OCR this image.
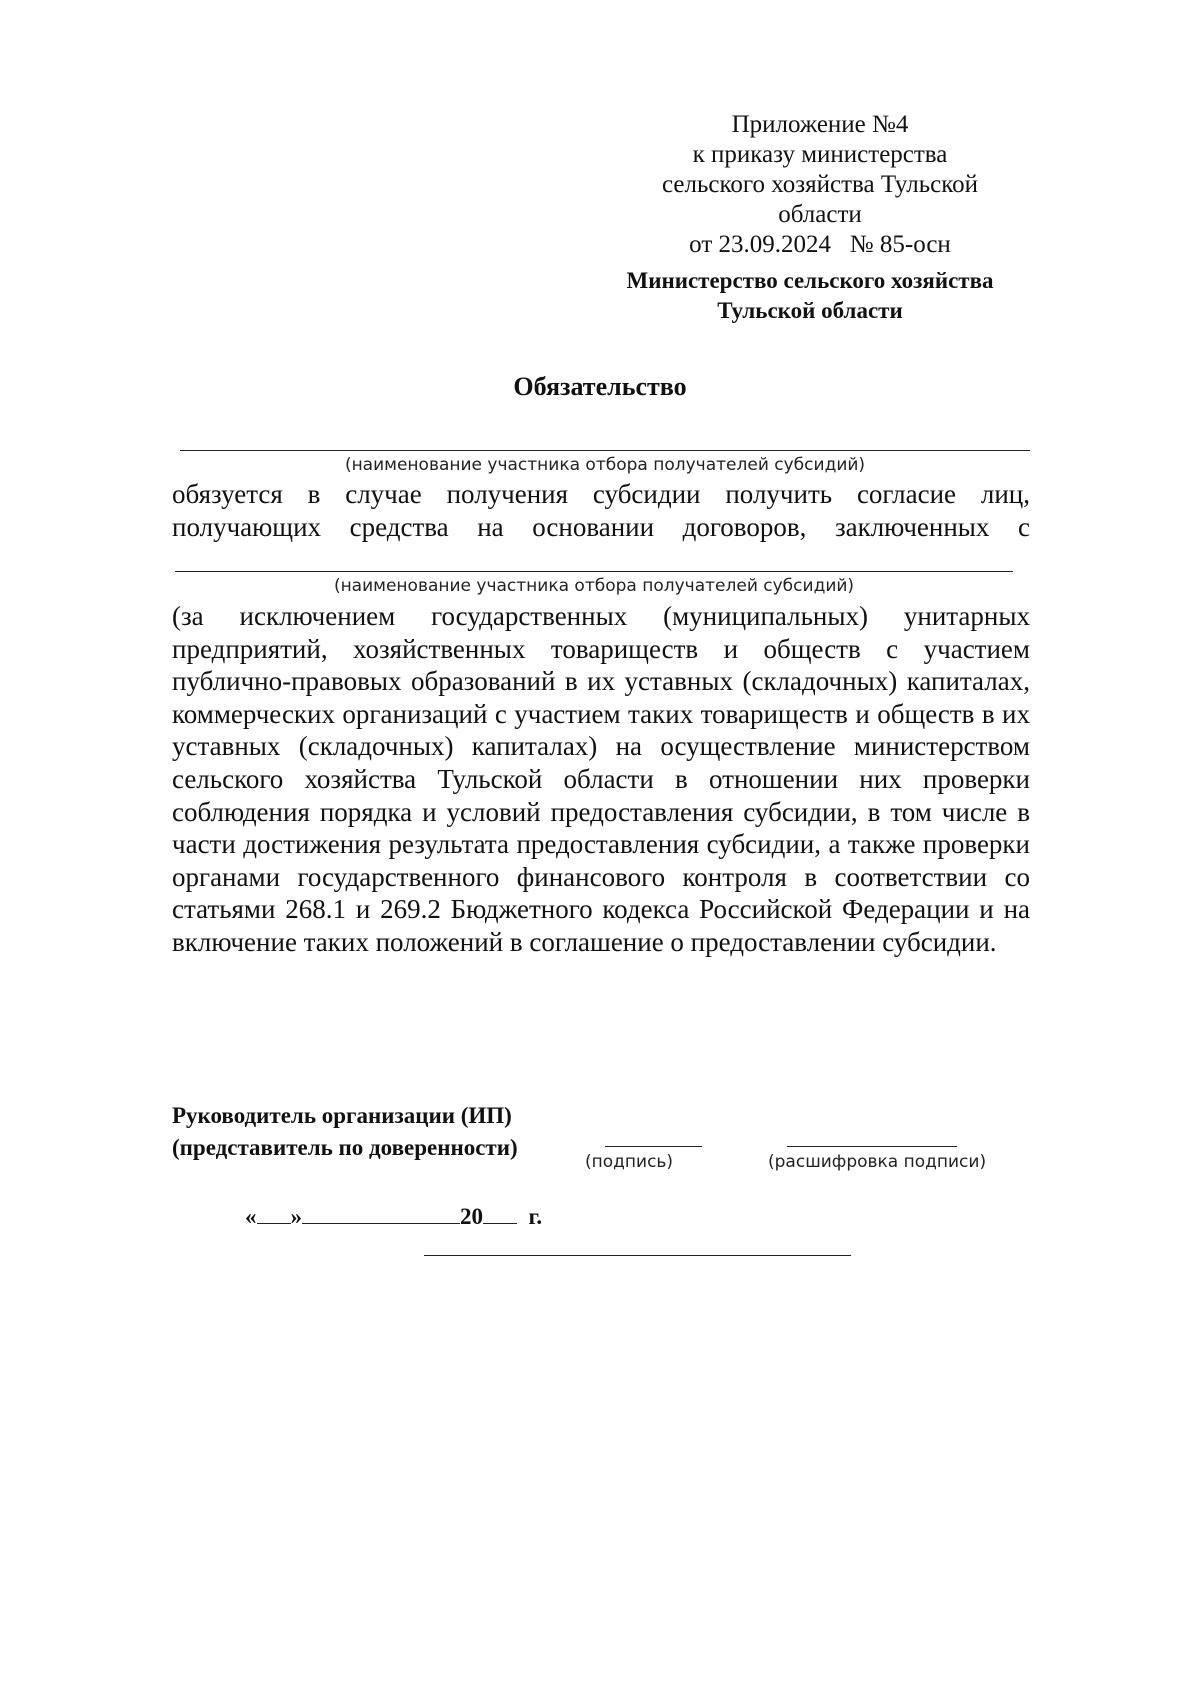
Приложение №4
к приказу министерства
сельского хозяйства Тульской
области
от 23.09.2024 № 85-осн
Министерство сельского хозяйства
Тульской области
Обязательство
(наименование участника отбора получателей субсидий)
обязуется в случае получения субсидии получить согласие лиц,
получающих средства на основании договоров, заключенных с
(наименование участника отбора получателей субсидий)
(за исключением государственных (муниципальных) унитарных предприятий, хозяйственных товариществ и обществ с участием публично-правовых образований в их уставных (складочных) капиталах, коммерческих организаций с участием таких товариществ и обществ в их уставных (складочных) капиталах) на осуществление министерством сельского хозяйства Тульской области в отношении них проверки соблюдения порядка и условий предоставления субсидии, в том числе в части достижения результата предоставления субсидии, а также проверки органами государственного финансового контроля в соответствии со статьями 268.1 и 269.2 Бюджетного кодекса Российской Федерации и на включение таких положений в соглашение о предоставлении субсидии.
Руководитель организации (ИП)
(представитель по доверенности)
(подпись)	(расшифровка подписи)
« »	20 г.
